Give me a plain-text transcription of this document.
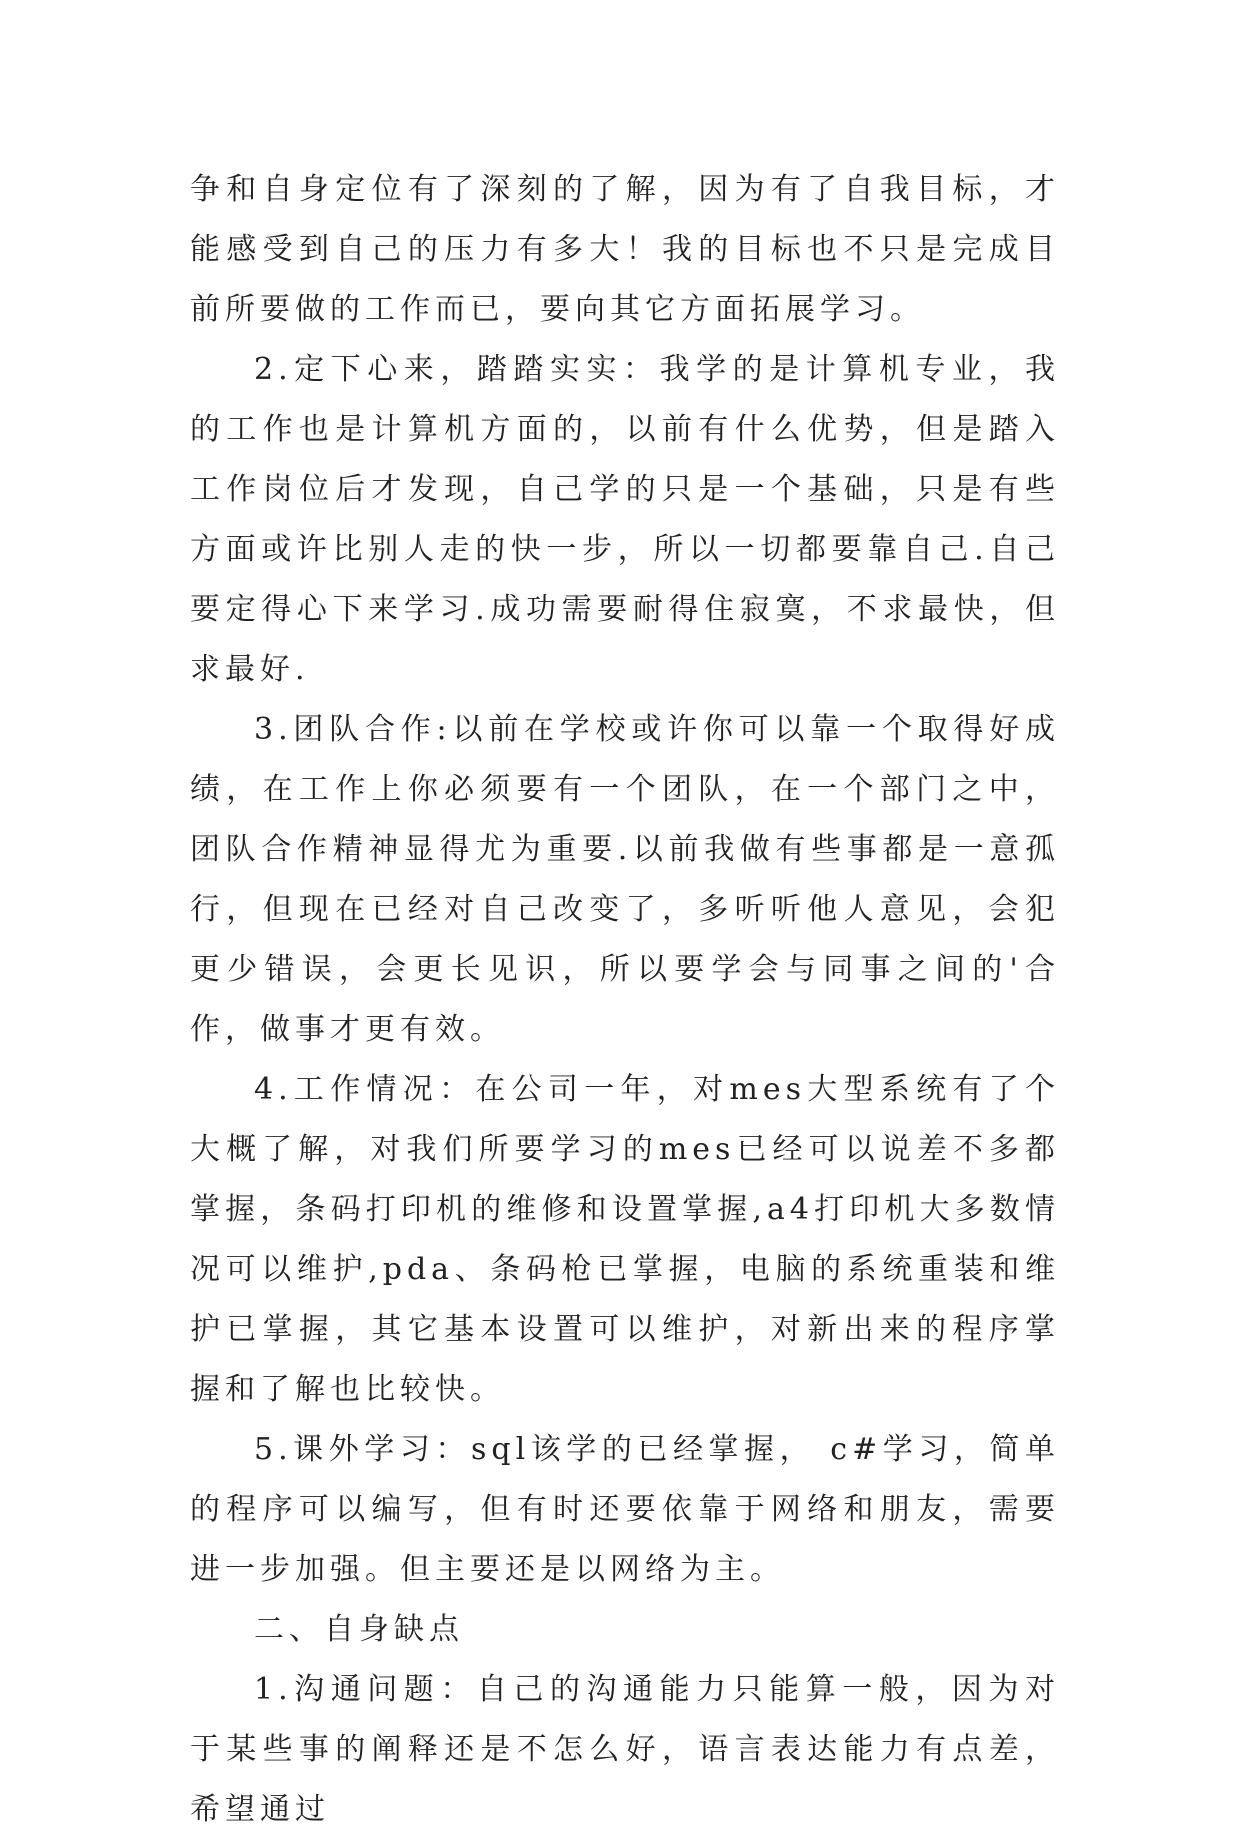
争和自身定位有了深刻的了解，因为有了自我目标，才能感受到自己的压力有多大！我的目标也不只是完成目前所要做的工作而已，要向其它方面拓展学习。

2.定下心来，踏踏实实：我学的是计算机专业，我的工作也是计算机方面的，以前有什么优势，但是踏入工作岗位后才发现，自己学的只是一个基础，只是有些方面或许比别人走的快一步，所以一切都要靠自己.自己要定得心下来学习.成功需要耐得住寂寞，不求最快，但求最好.

3.团队合作:以前在学校或许你可以靠一个取得好成绩，在工作上你必须要有一个团队，在一个部门之中，团队合作精神显得尤为重要.以前我做有些事都是一意孤行，但现在已经对自己改变了，多听听他人意见，会犯更少错误，会更长见识，所以要学会与同事之间的'合作，做事才更有效。

4.工作情况：在公司一年，对mes大型系统有了个大概了解，对我们所要学习的mes已经可以说差不多都掌握，条码打印机的维修和设置掌握,a4打印机大多数情况可以维护,pda、条码枪已掌握，电脑的系统重装和维护已掌握，其它基本设置可以维护，对新出来的程序掌握和了解也比较快。

5.课外学习：sql该学的已经掌握， c#学习，简单的程序可以编写，但有时还要依靠于网络和朋友，需要进一步加强。但主要还是以网络为主。

二、自身缺点

1.沟通问题：自己的沟通能力只能算一般，因为对于某些事的阐释还是不怎么好，语言表达能力有点差，希望通过
